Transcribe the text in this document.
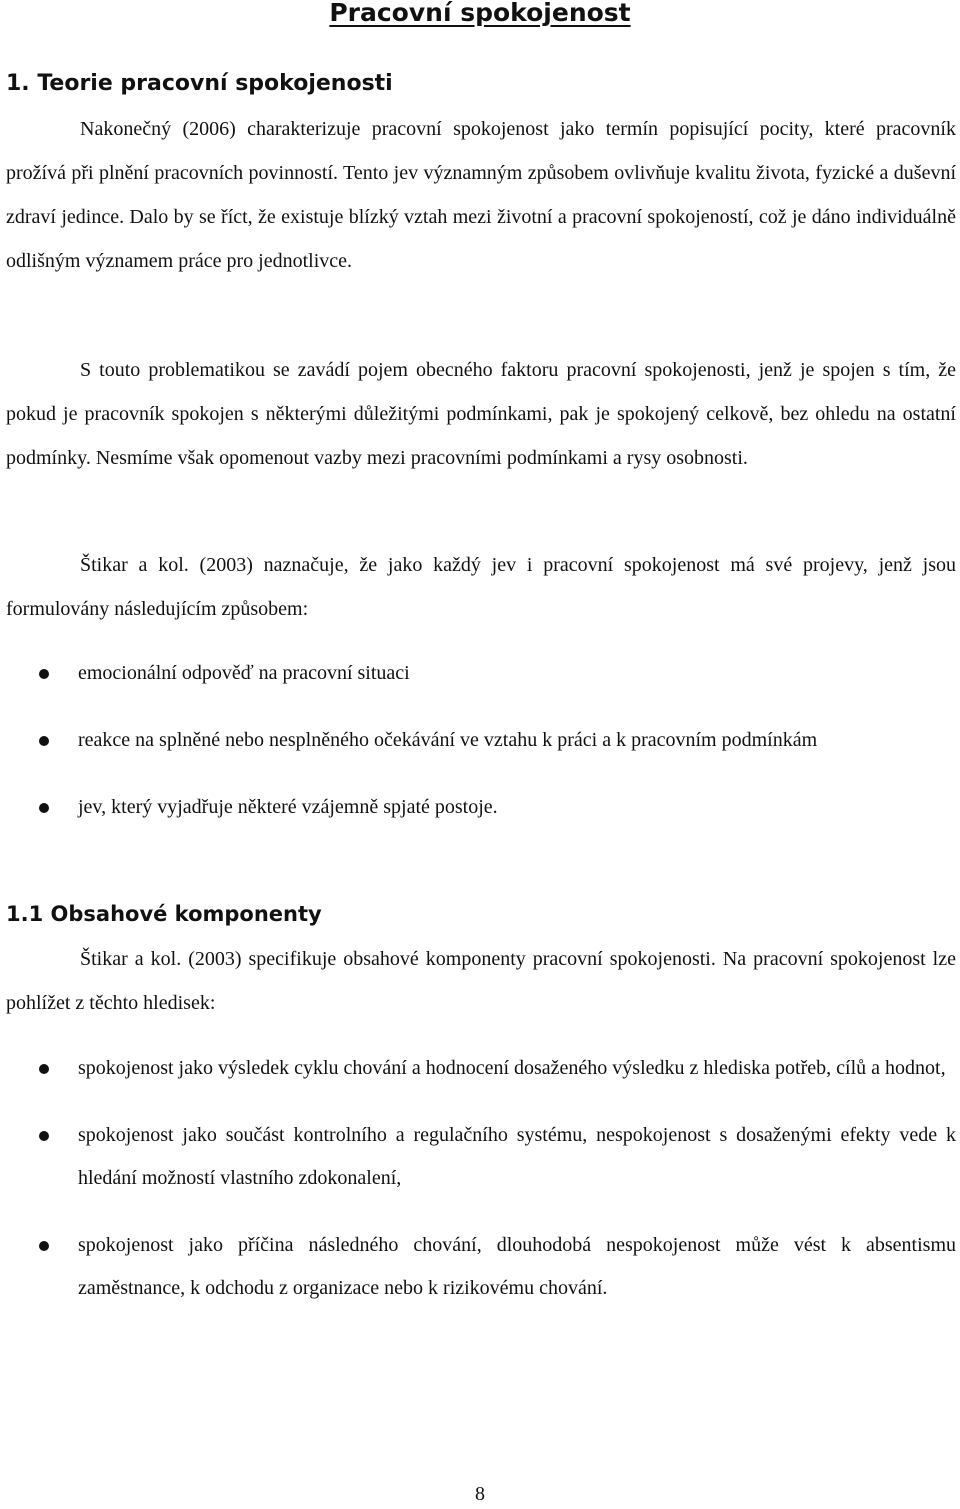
Pracovní spokojenost
1. Teorie pracovní spokojenosti

Nakonečný (2006) charakterizuje pracovní spokojenost jako termín popisující pocity, které pracovník prožívá při plnění pracovních povinností. Tento jev významným způsobem ovlivňuje kvalitu života, fyzické a duševní zdraví jedince. Dalo by se říct, že existuje blízký vztah mezi životní a pracovní spokojeností, což je dáno individuálně odlišným významem práce pro jednotlivce.

S touto problematikou se zavádí pojem obecného faktoru pracovní spokojenosti, jenž je spojen s tím, že pokud je pracovník spokojen s některými důležitými podmínkami, pak je spokojený celkově, bez ohledu na ostatní podmínky. Nesmíme však opomenout vazby mezi pracovními podmínkami a rysy osobnosti.

Štikar a kol. (2003) naznačuje, že jako každý jev i pracovní spokojenost má své projevy, jenž jsou formulovány následujícím způsobem:

emocionální odpověď na pracovní situaci
reakce na splněné nebo nesplněného očekávání ve vztahu k práci a k pracovním podmínkám
jev, který vyjadřuje některé vzájemně spjaté postoje.
1.1 Obsahové komponenty

Štikar a kol. (2003) specifikuje obsahové komponenty pracovní spokojenosti. Na pracovní spokojenost lze pohlížet z těchto hledisek:

spokojenost jako výsledek cyklu chování a hodnocení dosaženého výsledku z hlediska potřeb, cílů a hodnot,
spokojenost jako součást kontrolního a regulačního systému, nespokojenost s dosaženými efekty vede k hledání možností vlastního zdokonalení,
spokojenost jako příčina následného chování, dlouhodobá nespokojenost může vést k absentismu zaměstnance, k odchodu z organizace nebo k rizikovému chování.

8
